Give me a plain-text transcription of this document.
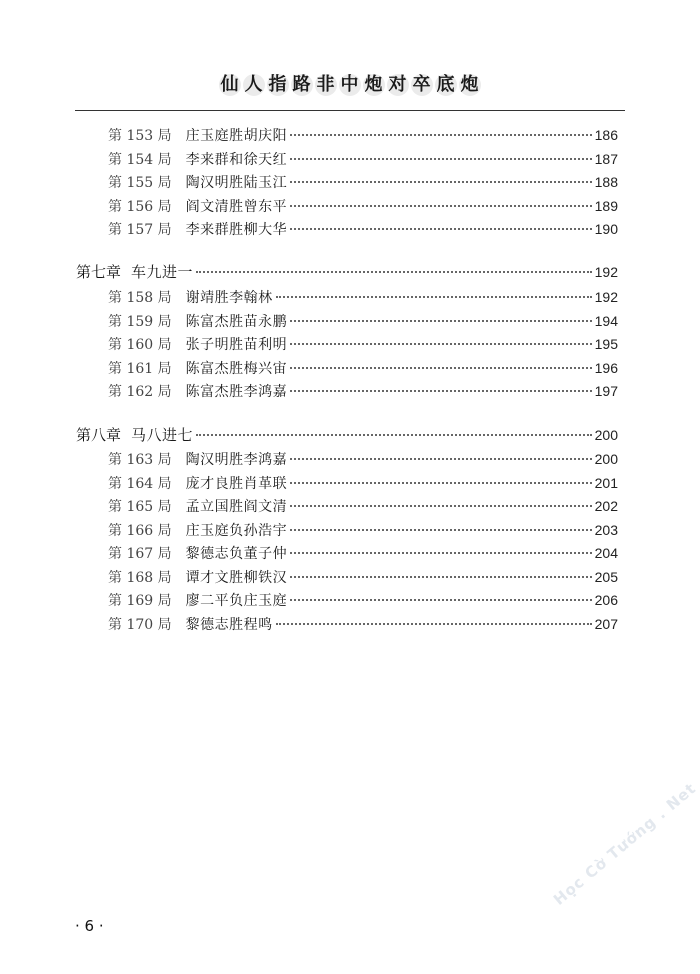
仙 人 指 路 非 中 炮 对 卒 底 炮
第 153 局 庄玉庭胜胡庆阳	186
第 154 局 李来群和徐天红	187
第 155 局 陶汉明胜陆玉江	188
第 156 局 阎文清胜曾东平	189
第 157 局 李来群胜柳大华	190
第七章 车九进一	192
第 158 局 谢靖胜李翰林	192
第 159 局 陈富杰胜苗永鹏	194
第 160 局 张子明胜苗利明	195
第 161 局 陈富杰胜梅兴宙	196
第 162 局 陈富杰胜李鸿嘉	197
第八章 马八进七	200
第 163 局 陶汉明胜李鸿嘉	200
第 164 局 庞才良胜肖革联	201
第 165 局 孟立国胜阎文清	202
第 166 局 庄玉庭负孙浩宇	203
第 167 局 黎德志负董子仲	204
第 168 局 谭才文胜柳铁汉	205
第 169 局 廖二平负庄玉庭	206
第 170 局 黎德志胜程鸣	207
· 6 ·
Học Cờ Tướng . Net
